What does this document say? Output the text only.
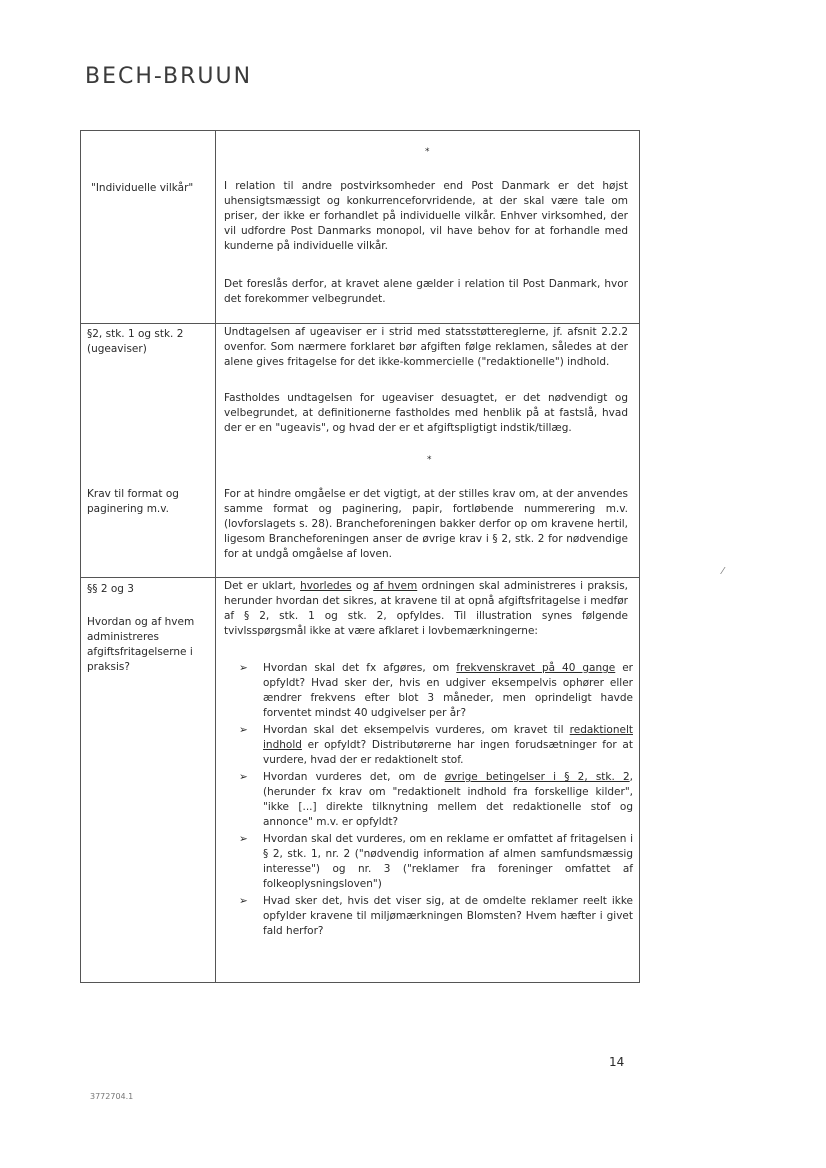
BECH-BRUUN
*
"Individuelle vilkår"	I relation til andre postvirksomheder end Post Danmark er det højst uhensigtsmæssigt og konkurrenceforvridende, at der skal være tale om priser, der ikke er forhandlet på individuelle vilkår. Enhver virksomhed, der vil udfordre Post Danmarks monopol, vil have behov for at forhandle med kunderne på individuelle vilkår.
Det foreslås derfor, at kravet alene gælder i relation til Post Danmark, hvor det forekommer velbegrundet.
§2, stk. 1 og stk. 2 (ugeaviser)
Undtagelsen af ugeaviser er i strid med statsstøttereglerne, jf. afsnit 2.2.2 ovenfor. Som nærmere forklaret bør afgiften følge reklamen, således at der alene gives fritagelse for det ikke-kommercielle ("redaktionelle") indhold.
Fastholdes undtagelsen for ugeaviser desuagtet, er det nødvendigt og velbegrundet, at definitionerne fastholdes med henblik på at fastslå, hvad der er en "ugeavis", og hvad der er et afgiftspligtigt indstik/tillæg.
*
Krav til format og paginering m.v.
For at hindre omgåelse er det vigtigt, at der stilles krav om, at der anvendes samme format og paginering, papir, fortløbende nummerering m.v. (lovforslagets s. 28). Brancheforeningen bakker derfor op om kravene hertil, ligesom Brancheforeningen anser de øvrige krav i § 2, stk. 2 for nødvendige for at undgå omgåelse af loven.
§§ 2 og 3
Hvordan og af hvem administreres afgiftsfritagelserne i praksis?
Det er uklart, hvorledes og af hvem ordningen skal administreres i praksis, herunder hvordan det sikres, at kravene til at opnå afgiftsfritagelse i medfør af § 2, stk. 1 og stk. 2, opfyldes. Til illustration synes følgende tvivlsspørgsmål ikke at være afklaret i lovbemærkningerne:
➢ Hvordan skal det fx afgøres, om frekvenskravet på 40 gange er opfyldt? Hvad sker der, hvis en udgiver eksempelvis ophører eller ændrer frekvens efter blot 3 måneder, men oprindeligt havde forventet mindst 40 udgivelser per år?
➢ Hvordan skal det eksempelvis vurderes, om kravet til redaktionelt indhold er opfyldt? Distributørerne har ingen forudsætninger for at vurdere, hvad der er redaktionelt stof.
➢ Hvordan vurderes det, om de øvrige betingelser i § 2, stk. 2, (herunder fx krav om "redaktionelt indhold fra forskellige kilder", "ikke [...] direkte tilknytning mellem det redaktionelle stof og annonce" m.v. er opfyldt?
➢ Hvordan skal det vurderes, om en reklame er omfattet af fritagelsen i § 2, stk. 1, nr. 2 ("nødvendig information af almen samfundsmæssig interesse") og nr. 3 ("reklamer fra foreninger omfattet af folkeoplysningsloven")
➢ Hvad sker det, hvis det viser sig, at de omdelte reklamer reelt ikke opfylder kravene til miljømærkningen Blomsten? Hvem hæfter i givet fald herfor?
14
3772704.1
⁄
